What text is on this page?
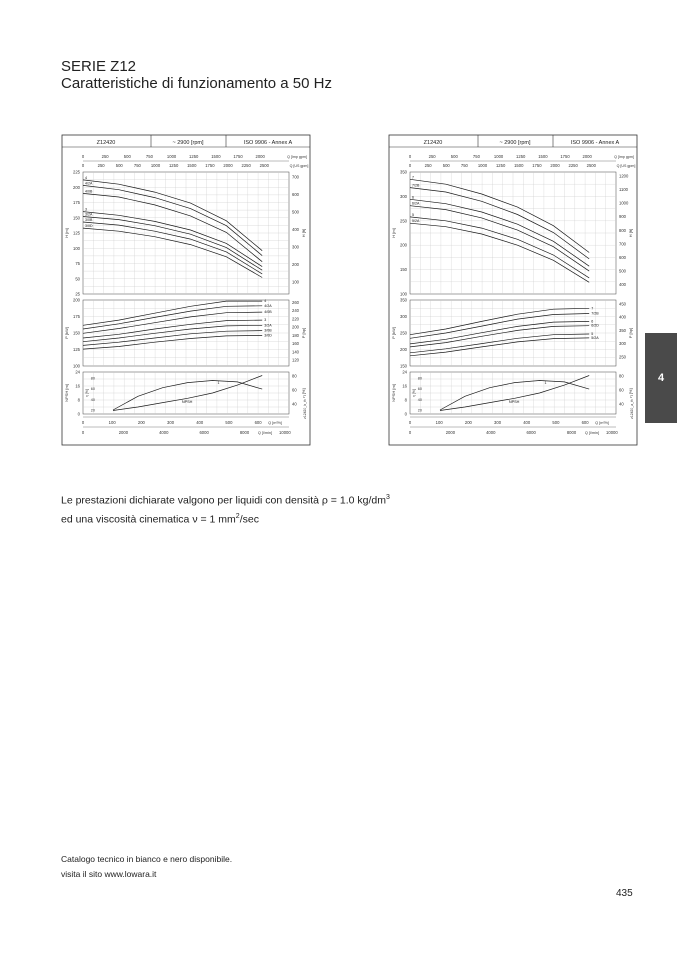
SERIE Z12
Caratteristiche di funzionamento a 50 Hz
Z12420	~ 2900 [rpm]	ISO 9906 - Annex A
0	250	500	750	1000	1250	1500	1750	2000	Q [Imp gpm]
0	250	500	750 1000 1250 1500 1750 2000 2250 2500	Q [US gpm]
225
200
175
150
125
100
75
50
25
700
600
500
400
300
200
100
H [m]	H [ft]
4
4/2A
4/0B
3
3/2A
3/0B
3/0D
200
175
150
125
100
260
240
220
200
180
160
140
120
P [kW]	P [hp]
4
4/2A
4/0B
3
3/2A
3/0B
3/0D
24
16
8
0
80
60
40
NPSH [m]	η [%]
80
60
40
20
η [%]
1
NPSH
0	100	200	300	400	500	600 Q [m³/h]
0	2000	4000	6000	8000	10000
Q [l/min]
z12420_b_th
Z12420	~ 2900 [rpm]	ISO 9906 - Annex A
0	250	500	750	1000	1250	1500	1750	2000	Q [Imp gpm]
0	250	500	750 1000 1250 1500 1750 2000 2250 2500	Q [US gpm]
350
300
250
200
150
100
1200
1100
1000
900
800
700
600
500
400
H [m]	H [ft]
7
7/2B
6
6/2A
5
5/2A
350
300
250
200
150
450
400
350
300
250
P [kW]	P [hp]
7
7/2B
6
6/2D
5
5/2A
24
16
8
0
80
60
40
NPSH [m]	η [%]
80
60
40
20
η [%]
1
NPSH
0	100	200	300	400	500	600 Q [m³/h]
0	2000	4000	6000	8000	10000
Q [l/min]
z12420_a_th
4
Le prestazioni dichiarate valgono per liquidi con densità ρ = 1.0 $kg/dm^3$
ed una viscosità cinematica ν = 1 $mm^2/\sec$
Catalogo tecnico in bianco e nero disponibile.
visita il sito www.lowara.it
435
